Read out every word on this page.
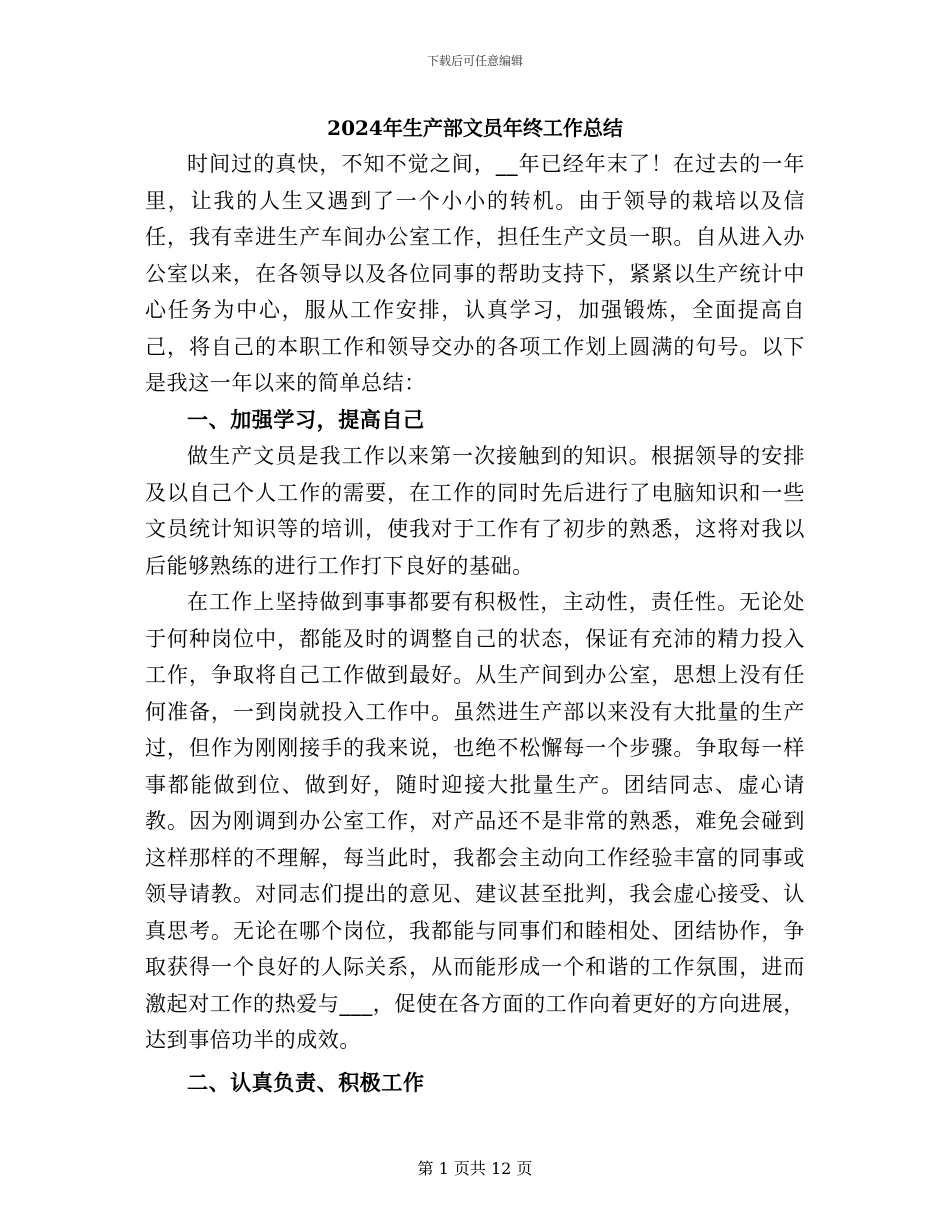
下载后可任意编辑
2024年生产部文员年终工作总结

时间过的真快，不知不觉之间，__年已经年末了！在过去的一年里，让我的人生又遇到了一个小小的转机。由于领导的栽培以及信任，我有幸进生产车间办公室工作，担任生产文员一职。自从进入办公室以来，在各领导以及各位同事的帮助支持下，紧紧以生产统计中心任务为中心，服从工作安排，认真学习，加强锻炼，全面提高自己，将自己的本职工作和领导交办的各项工作划上圆满的句号。以下是我这一年以来的简单总结：

一、加强学习，提高自己

做生产文员是我工作以来第一次接触到的知识。根据领导的安排及以自己个人工作的需要，在工作的同时先后进行了电脑知识和一些文员统计知识等的培训，使我对于工作有了初步的熟悉，这将对我以后能够熟练的进行工作打下良好的基础。

在工作上坚持做到事事都要有积极性，主动性，责任性。无论处于何种岗位中，都能及时的调整自己的状态，保证有充沛的精力投入工作，争取将自己工作做到最好。从生产间到办公室，思想上没有任何准备，一到岗就投入工作中。虽然进生产部以来没有大批量的生产过，但作为刚刚接手的我来说，也绝不松懈每一个步骤。争取每一样事都能做到位、做到好，随时迎接大批量生产。团结同志、虚心请教。因为刚调到办公室工作，对产品还不是非常的熟悉，难免会碰到这样那样的不理解，每当此时，我都会主动向工作经验丰富的同事或领导请教。对同志们提出的意见、建议甚至批判，我会虚心接受、认真思考。无论在哪个岗位，我都能与同事们和睦相处、团结协作，争取获得一个良好的人际关系，从而能形成一个和谐的工作氛围，进而激起对工作的热爱与___，促使在各方面的工作向着更好的方向进展，达到事倍功半的成效。

二、认真负责、积极工作

第 1 页共 12 页
